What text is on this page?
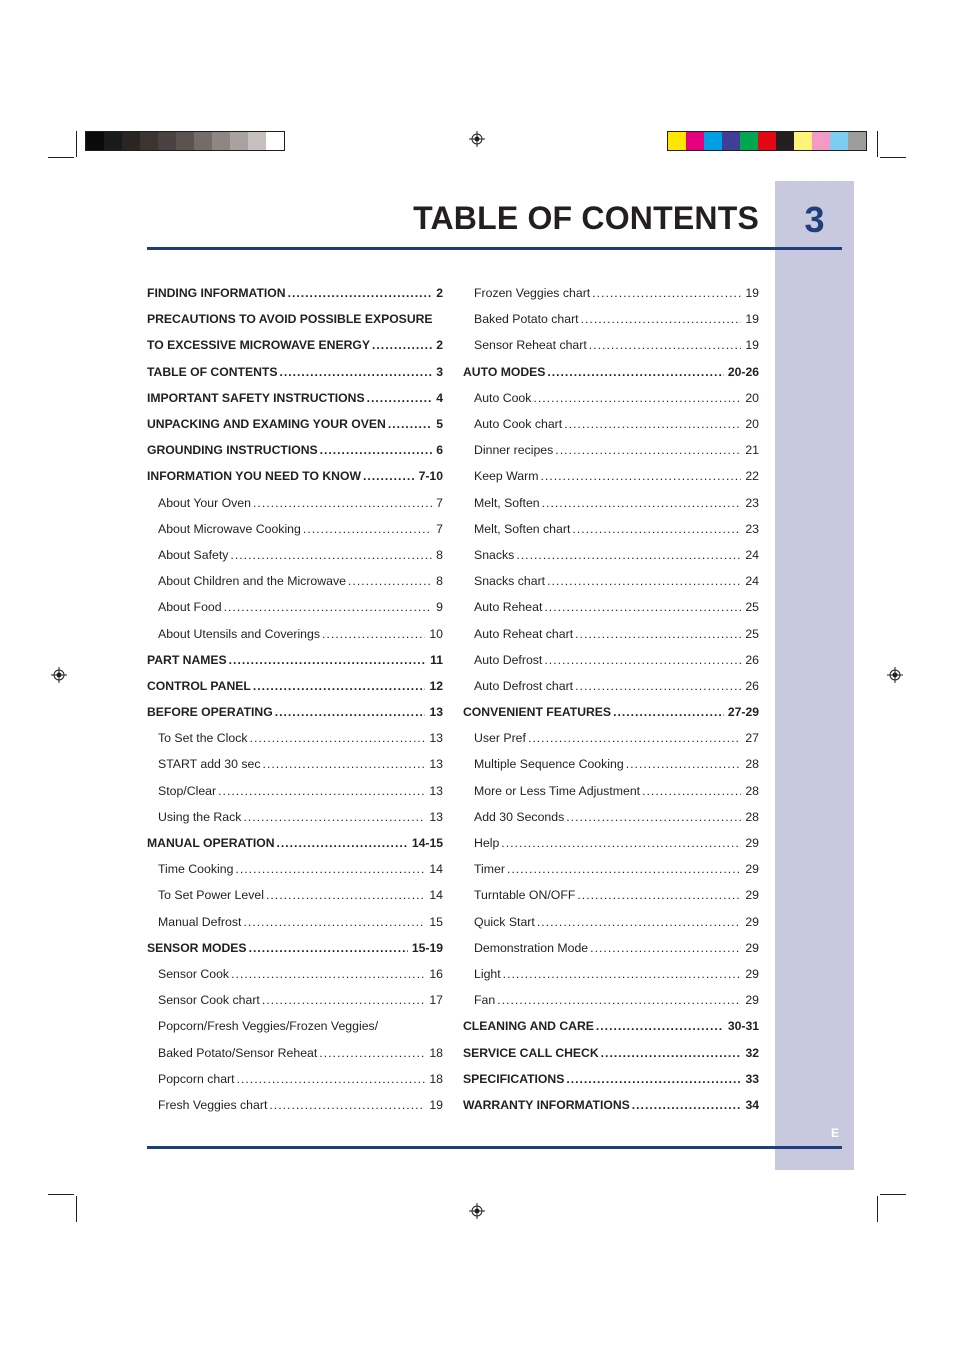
3
E
TABLE OF CONTENTS
FINDING INFORMATION .....	2
PRECAUTIONS TO AVOID POSSIBLE EXPOSURE
TO EXCESSIVE MICROWAVE ENERGY .....	2
TABLE OF CONTENTS .....	3
IMPORTANT SAFETY INSTRUCTIONS .....	4
UNPACKING AND EXAMING YOUR OVEN .....	5
GROUNDING INSTRUCTIONS .....	6
INFORMATION YOU NEED TO KNOW .....	7-10
About Your Oven .....	7
About Microwave Cooking .....	7
About Safety .....	8
About Children and the Microwave .....	8
About Food .....	9
About Utensils and Coverings .....	10
PART NAMES .....	11
CONTROL PANEL .....	12
BEFORE OPERATING .....	13
To Set the Clock .....	13
START add 30 sec .....	13
Stop/Clear .....	13
Using the Rack .....	13
MANUAL OPERATION .....	14-15
Time Cooking .....	14
To Set Power Level .....	14
Manual Defrost .....	15
SENSOR MODES .....	15-19
Sensor Cook .....	16
Sensor Cook chart .....	17
Popcorn/Fresh Veggies/Frozen Veggies/
Baked Potato/Sensor Reheat .....	18
Popcorn chart .....	18
Fresh Veggies chart .....	19
Frozen Veggies chart .....	19
Baked Potato chart .....	19
Sensor Reheat chart .....	19
AUTO MODES .....	20-26
Auto Cook .....	20
Auto Cook chart .....	20
Dinner recipes .....	21
Keep Warm .....	22
Melt, Soften .....	23
Melt, Soften chart .....	23
Snacks .....	24
Snacks chart .....	24
Auto Reheat .....	25
Auto Reheat chart .....	25
Auto Defrost .....	26
Auto Defrost chart .....	26
CONVENIENT FEATURES .....	27-29
User Pref .....	27
Multiple Sequence Cooking .....	28
More or Less Time Adjustment .....	28
Add 30 Seconds .....	28
Help .....	29
Timer .....	29
Turntable ON/OFF .....	29
Quick Start .....	29
Demonstration Mode .....	29
Light .....	29
Fan .....	29
CLEANING AND CARE .....	30-31
SERVICE CALL CHECK .....	32
SPECIFICATIONS .....	33
WARRANTY INFORMATIONS .....	34
